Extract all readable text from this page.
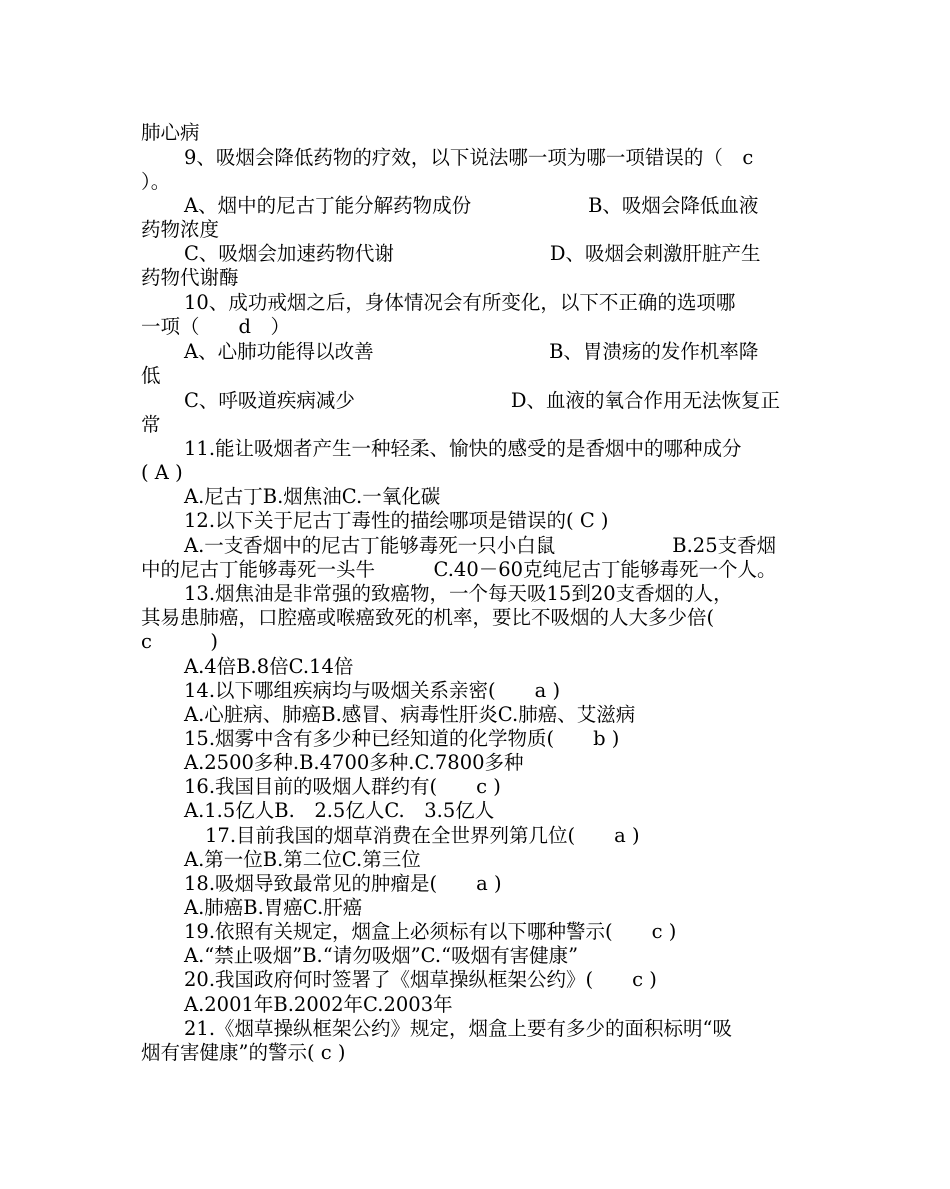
肺心病
9、吸烟会降低药物的疗效，以下说法哪一项为哪一项错误的（　c
）。
A、烟中的尼古丁能分解药物成份　　　　　　B、吸烟会降低血液
药物浓度
C、吸烟会加速药物代谢　　　　　　　　D、吸烟会刺激肝脏产生
药物代谢酶
10、成功戒烟之后，身体情况会有所变化，以下不正确的选项哪
一项（　　d　）
A、心肺功能得以改善　　　　　　　　　B、胃溃疡的发作机率降
低
C、呼吸道疾病减少　　　　　　　　D、血液的氧合作用无法恢复正
常
11.能让吸烟者产生一种轻柔、愉快的感受的是香烟中的哪种成分
( A )
A.尼古丁B.烟焦油C.一氧化碳
12.以下关于尼古丁毒性的描绘哪项是错误的( C )
A.一支香烟中的尼古丁能够毒死一只小白鼠　　　　　　B.25支香烟
中的尼古丁能够毒死一头牛　　　C.40－60克纯尼古丁能够毒死一个人。
13.烟焦油是非常强的致癌物，一个每天吸15到20支香烟的人，
其易患肺癌，口腔癌或喉癌致死的机率，要比不吸烟的人大多少倍(
c　　　)
A.4倍B.8倍C.14倍
14.以下哪组疾病均与吸烟关系亲密(　　a )
A.心脏病、肺癌B.感冒、病毒性肝炎C.肺癌、艾滋病
15.烟雾中含有多少种已经知道的化学物质(　　b )
A.2500多种.B.4700多种.C.7800多种
16.我国目前的吸烟人群约有(　　c )
A.1.5亿人B.　2.5亿人C.　3.5亿人
17.目前我国的烟草消费在全世界列第几位(　　a )
A.第一位B.第二位C.第三位
18.吸烟导致最常见的肿瘤是(　　a )
A.肺癌B.胃癌C.肝癌
19.依照有关规定，烟盒上必须标有以下哪种警示(　　c )
A.“禁止吸烟”B.“请勿吸烟”C.“吸烟有害健康”
20.我国政府何时签署了《烟草操纵框架公约》(　　c )
A.2001年B.2002年C.2003年
21.《烟草操纵框架公约》规定，烟盒上要有多少的面积标明“吸
烟有害健康”的警示( c )
